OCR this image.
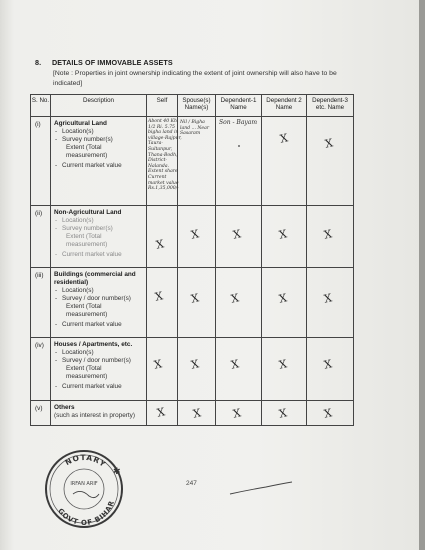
8. DETAILS OF IMMOVABLE ASSETS
[Note : Properties in joint ownership indicating the extent of joint ownership will also have to be indicated]
S. No.	Description	Self	Spouse(s) Name(s)	Dependent-1 Name	Dependent 2 Name	Dependent-3 etc. Name
(i)	Agricultural Land
- Location(s)
- Survey number(s)
Extent (Total measurement)
- Current market value	Abont 40 Kh. 1/2 Ri. 5.75 bigha land in village-Rajpur, Taura-Sultanpur, Thana-Bodh, District-Nalanda. Extent share Current market value Rs.1,35,000/-	Nil / Bigha land ... Near Sasaram	Son - Bayam	X	X

(ii)	Non-Agricultural Land
- Location(s)
- Survey number(s)
Extent (Total measurement)
- Current market value	X	X	X	X	X

(iii)	Buildings (commercial and residential)
- Location(s)
- Survey / door number(s)
Extent (Total measurement)
- Current market value	X	X	X	X	X

(iv)	Houses / Apartments, etc.
- Location(s)
- Survey / door number(s)
Extent (Total measurement)
- Current market value	X	X	X	X	X

(v)	Others
(such as interest in property)	X	X	X	X	X
247
NOTARY
GOVT OF BIHAR
IRFAN ARIF
✱
